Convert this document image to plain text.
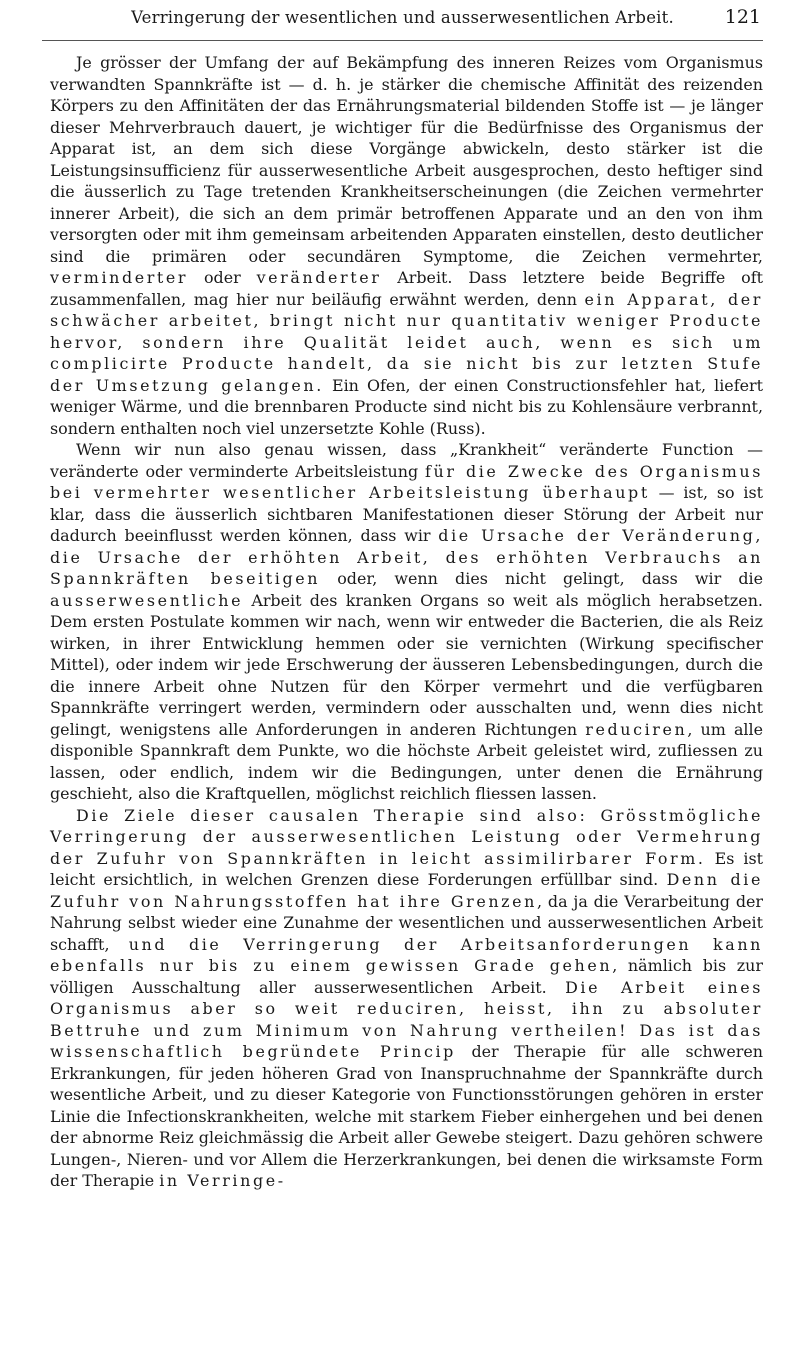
Verringerung der wesentlichen und ausserwesentlichen Arbeit.	121

Je grösser der Umfang der auf Bekämpfung des inneren Reizes vom Organismus verwandten Spannkräfte ist — d. h. je stärker die chemische Affinität des reizenden Körpers zu den Affinitäten der das Ernährungsmaterial bildenden Stoffe ist — je länger dieser Mehrverbrauch dauert, je wichtiger für die Bedürfnisse des Organismus der Apparat ist, an dem sich diese Vorgänge abwickeln, desto stärker ist die Leistungsinsufficienz für ausserwesentliche Arbeit ausgesprochen, desto heftiger sind die äusserlich zu Tage tretenden Krankheitserscheinungen (die Zeichen vermehrter innerer Arbeit), die sich an dem primär betroffenen Apparate und an den von ihm versorgten oder mit ihm gemeinsam arbeitenden Apparaten einstellen, desto deutlicher sind die primären oder secundären Symptome, die Zeichen vermehrter, verminderter oder veränderter Arbeit. Dass letztere beide Begriffe oft zusammenfallen, mag hier nur beiläufig erwähnt werden, denn ein Apparat, der schwächer arbeitet, bringt nicht nur quantitativ weniger Producte hervor, sondern ihre Qualität leidet auch, wenn es sich um complicirte Producte handelt, da sie nicht bis zur letzten Stufe der Umsetzung gelangen. Ein Ofen, der einen Constructionsfehler hat, liefert weniger Wärme, und die brennbaren Producte sind nicht bis zu Kohlensäure verbrannt, sondern enthalten noch viel unzersetzte Kohle (Russ).

Wenn wir nun also genau wissen, dass „Krankheit“ veränderte Function — veränderte oder verminderte Arbeitsleistung für die Zwecke des Organismus bei vermehrter wesentlicher Arbeitsleistung überhaupt — ist, so ist klar, dass die äusserlich sichtbaren Manifestationen dieser Störung der Arbeit nur dadurch beeinflusst werden können, dass wir die Ursache der Veränderung, die Ursache der erhöhten Arbeit, des erhöhten Verbrauchs an Spannkräften beseitigen oder, wenn dies nicht gelingt, dass wir die ausserwesentliche Arbeit des kranken Organs so weit als möglich herabsetzen. Dem ersten Postulate kommen wir nach, wenn wir entweder die Bacterien, die als Reiz wirken, in ihrer Entwicklung hemmen oder sie vernichten (Wirkung specifischer Mittel), oder indem wir jede Erschwerung der äusseren Lebensbedingungen, durch die die innere Arbeit ohne Nutzen für den Körper vermehrt und die verfügbaren Spannkräfte verringert werden, vermindern oder ausschalten und, wenn dies nicht gelingt, wenigstens alle Anforderungen in anderen Richtungen reduciren, um alle disponible Spannkraft dem Punkte, wo die höchste Arbeit geleistet wird, zufliessen zu lassen, oder endlich, indem wir die Bedingungen, unter denen die Ernährung geschieht, also die Kraftquellen, möglichst reichlich fliessen lassen.

Die Ziele dieser causalen Therapie sind also: Grösstmögliche Verringerung der ausserwesentlichen Leistung oder Vermehrung der Zufuhr von Spannkräften in leicht assimilirbarer Form. Es ist leicht ersichtlich, in welchen Grenzen diese Forderungen erfüllbar sind. Denn die Zufuhr von Nahrungsstoffen hat ihre Grenzen, da ja die Verarbeitung der Nahrung selbst wieder eine Zunahme der wesentlichen und ausserwesentlichen Arbeit schafft, und die Verringerung der Arbeitsanforderungen kann ebenfalls nur bis zu einem gewissen Grade gehen, nämlich bis zur völligen Ausschaltung aller ausserwesentlichen Arbeit. Die Arbeit eines Organismus aber so weit reduciren, heisst, ihn zu absoluter Bettruhe und zum Minimum von Nahrung vertheilen! Das ist das wissenschaftlich begründete Princip der Therapie für alle schweren Erkrankungen, für jeden höheren Grad von Inanspruchnahme der Spannkräfte durch wesentliche Arbeit, und zu dieser Kategorie von Functionsstörungen gehören in erster Linie die Infectionskrankheiten, welche mit starkem Fieber einhergehen und bei denen der abnorme Reiz gleichmässig die Arbeit aller Gewebe steigert. Dazu gehören schwere Lungen-, Nieren- und vor Allem die Herzerkrankungen, bei denen die wirksamste Form der Therapie in Verringe-
